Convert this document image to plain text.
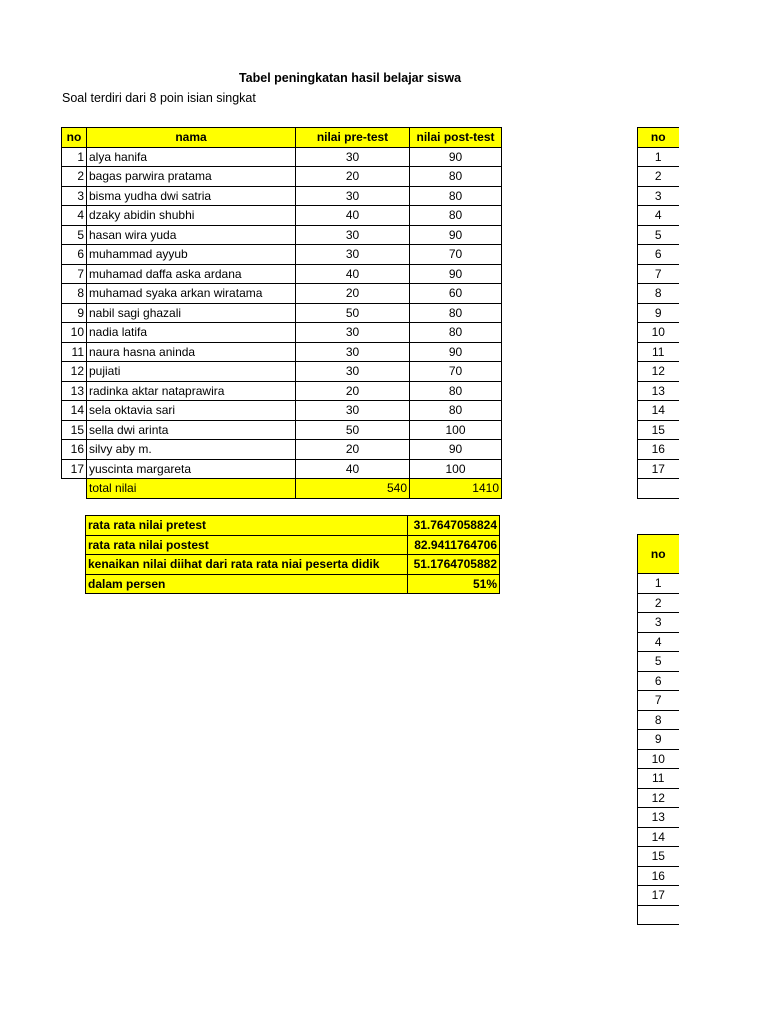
Tabel peningkatan hasil belajar siswa
Soal terdiri dari 8 poin isian singkat
no	nama	nilai pre-test	nilai post-test
1	alya hanifa	30	90
2	bagas parwira pratama	20	80
3	bisma yudha dwi satria	30	80
4	dzaky abidin shubhi	40	80
5	hasan wira yuda	30	90
6	muhammad ayyub	30	70
7	muhamad daffa aska ardana	40	90
8	muhamad syaka arkan wiratama	20	60
9	nabil sagi ghazali	50	80
10	nadia latifa	30	80
11	naura hasna aninda	30	90
12	pujiati	30	70
13	radinka aktar nataprawira	20	80
14	sela oktavia sari	30	80
15	sella dwi arinta	50	100
16	silvy aby m.	20	90
17	yuscinta margareta	40	100
	total nilai	540	1410
rata rata nilai pretest	31.7647058824
rata rata nilai postest	82.9411764706
kenaikan nilai diihat dari rata rata niai peserta didik	51.1764705882
dalam persen	51%
no
1
2
3
4
5
6
7
8
9
10
11
12
13
14
15
16
17

no
1
2
3
4
5
6
7
8
9
10
11
12
13
14
15
16
17
